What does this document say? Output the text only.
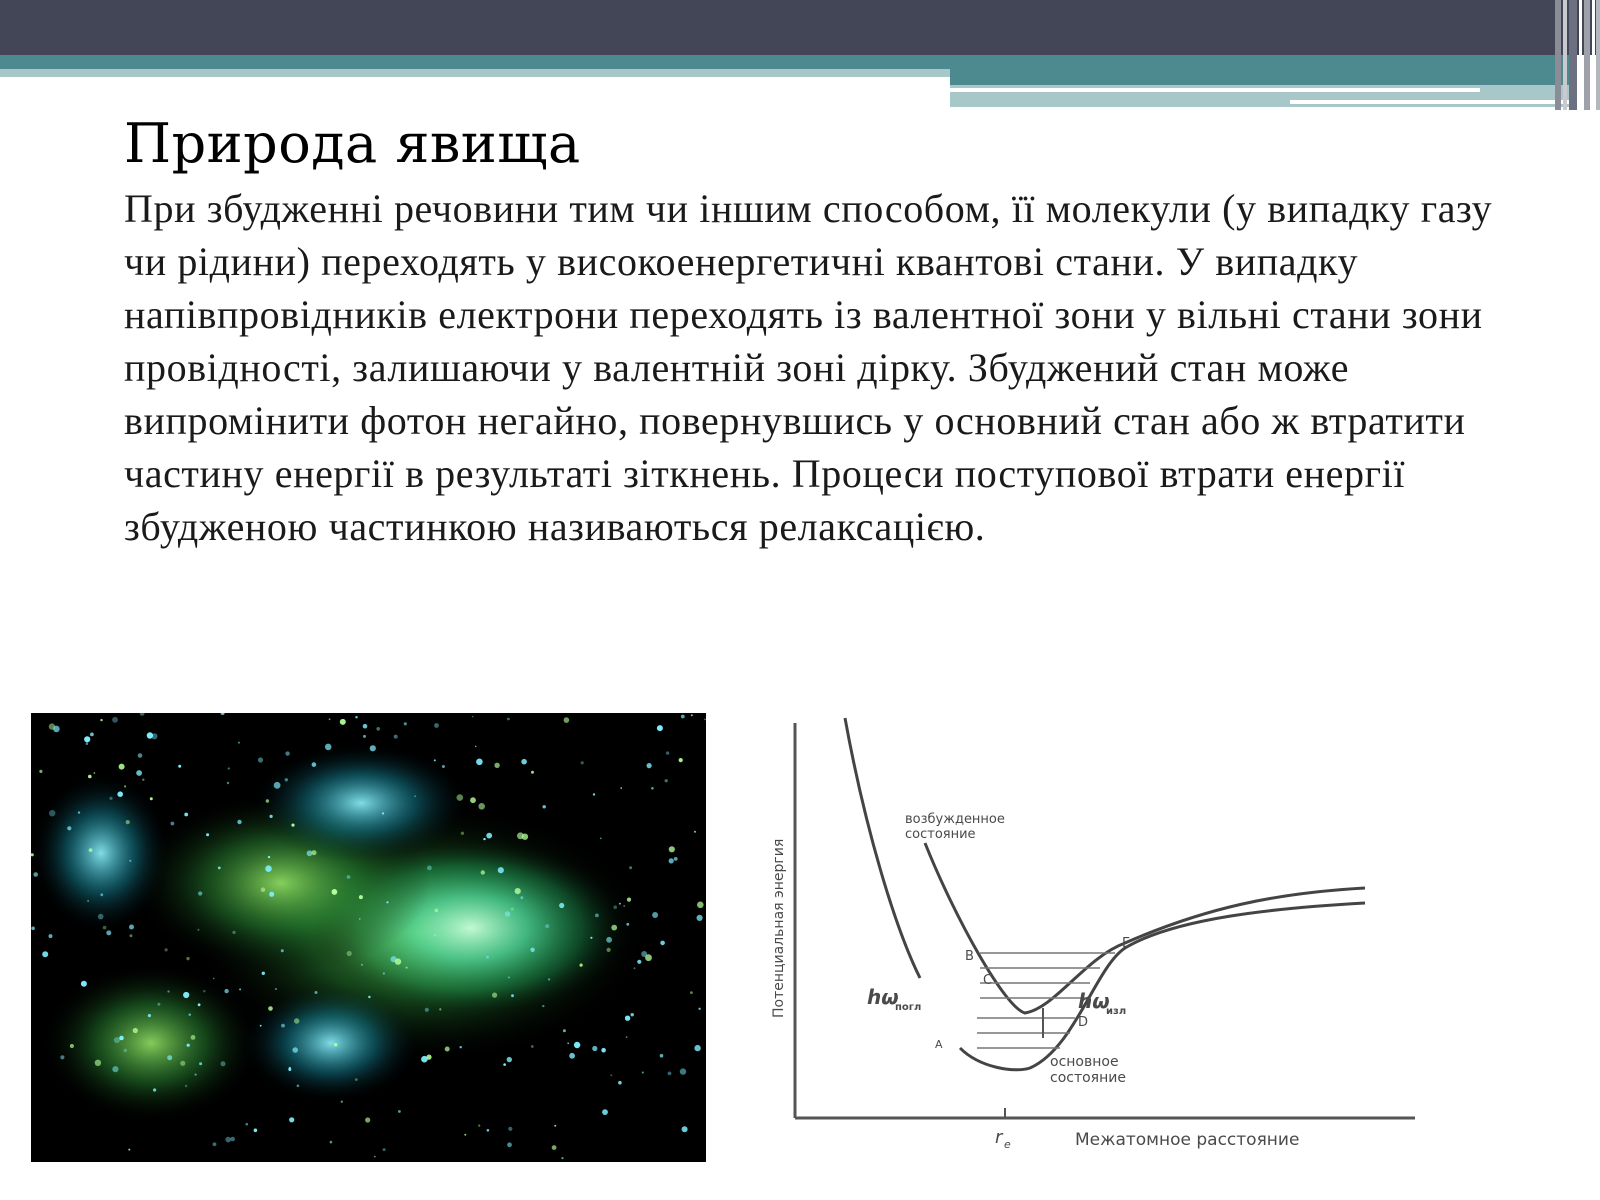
Природа явища

При збудженні речовини тим чи іншим способом, її молекули (у випадку газу чи рідини) переходять у високоенергетичні квантові стани. У випадку напівпровідників електрони переходять із валентної зони у вільні стани зони провідності, залишаючи у валентній зоні дірку. Збуджений стан може випромінити фотон негайно, повернувшись у основний стан або ж втратити частину енергії в результаті зіткнень. Процеси поступової втрати енергії збудженою частинкою називаються релаксацією.

Потенциальная энергия
Межатомное расстояние
возбужденное
состояние
основное
состояние
hω
погл	hω
изл
B
C
D
E
A
r e
